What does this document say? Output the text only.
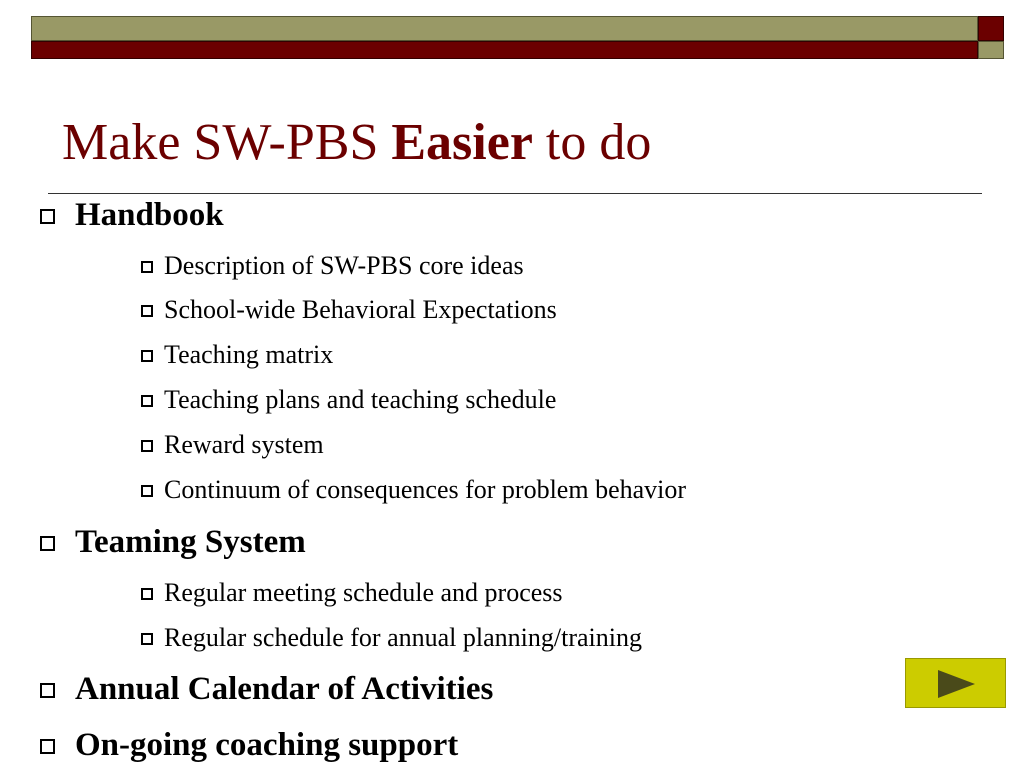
Make SW-PBS Easier to do
Handbook
Description of SW-PBS core ideas
School-wide Behavioral Expectations
Teaching matrix
Teaching plans and teaching schedule
Reward system
Continuum of consequences for problem behavior
Teaming System
Regular meeting schedule and process
Regular schedule for annual planning/training
Annual Calendar of Activities
On-going coaching support
